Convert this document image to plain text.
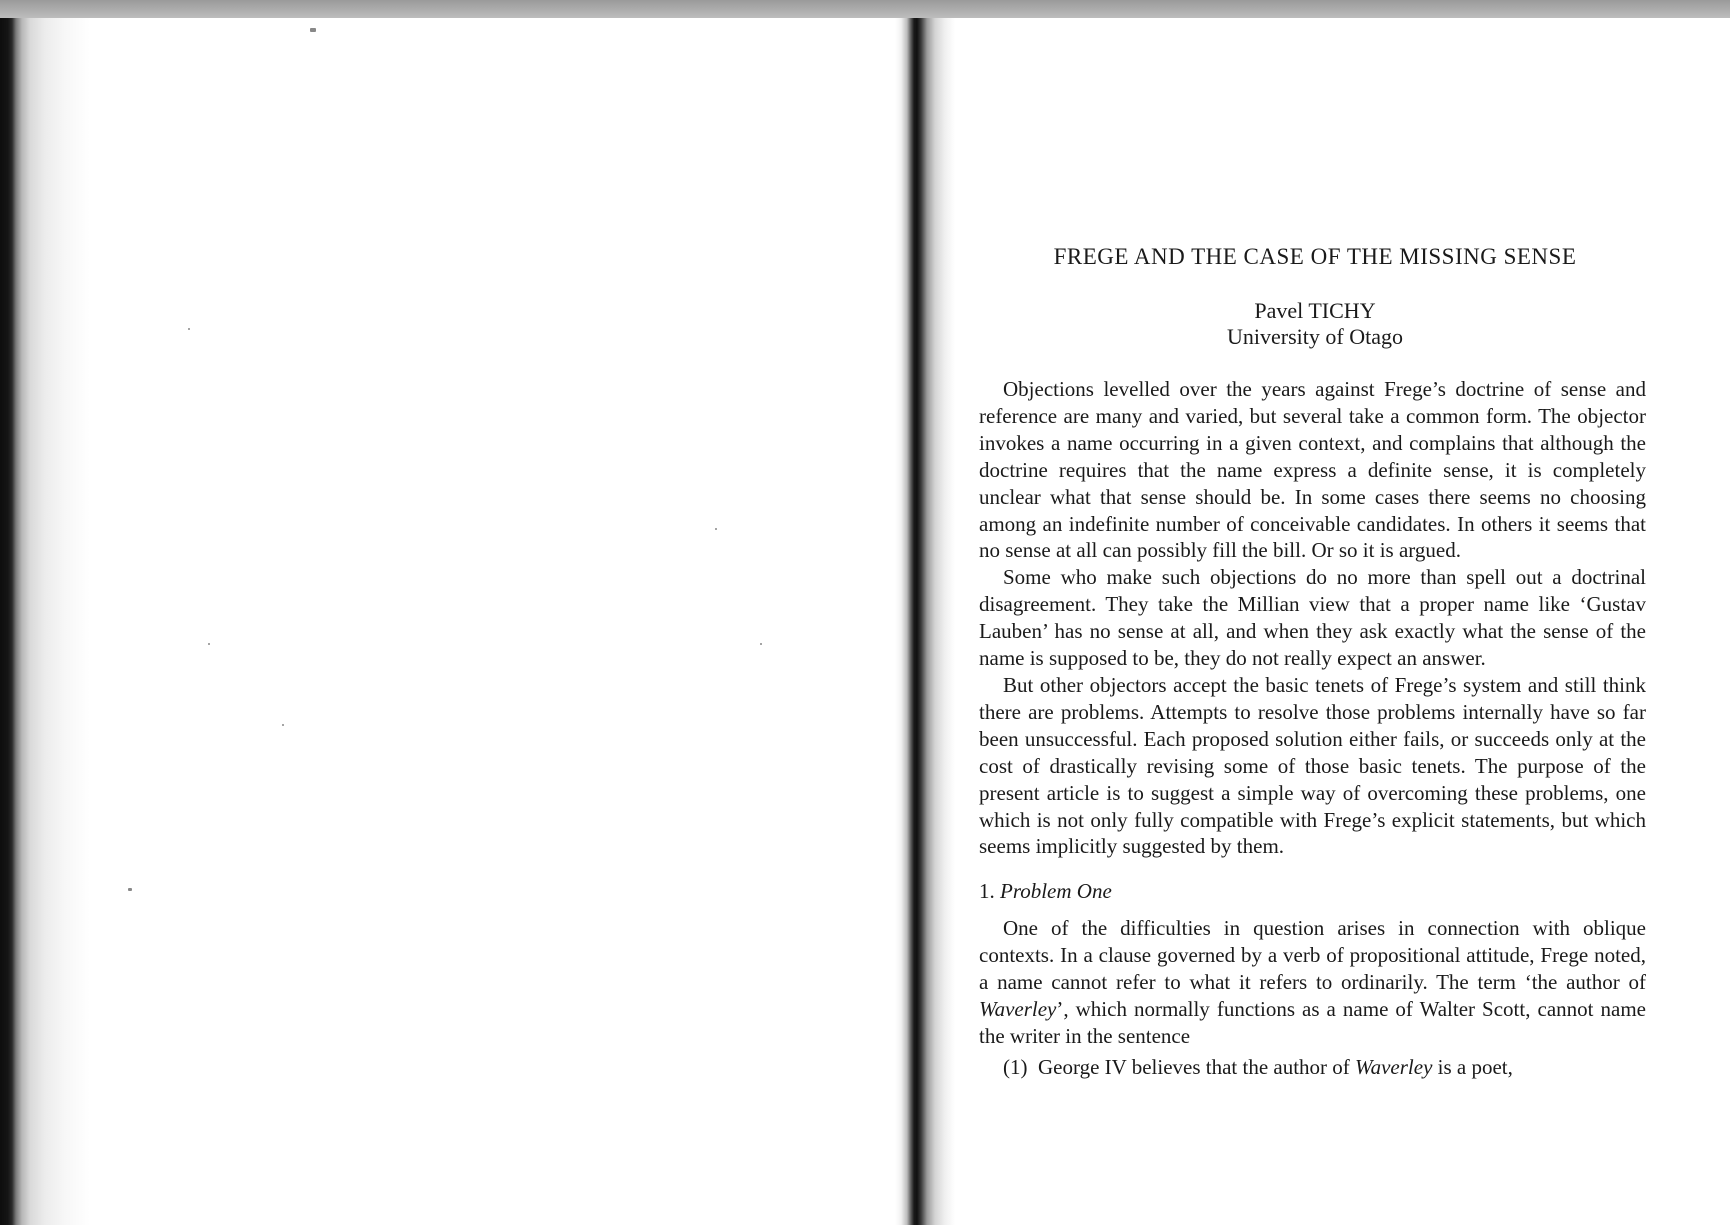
FREGE AND THE CASE OF THE MISSING SENSE
Pavel TICHY
University of Otago

Objections levelled over the years against Frege’s doctrine of sense and reference are many and varied, but several take a common form. The objector invokes a name occurring in a given context, and complains that although the doctrine requires that the name express a definite sense, it is completely unclear what that sense should be. In some cases there seems no choosing among an indefinite number of conceivable candidates. In others it seems that no sense at all can possibly fill the bill. Or so it is argued.

Some who make such objections do no more than spell out a doctrinal disagreement. They take the Millian view that a proper name like ‘Gustav Lauben’ has no sense at all, and when they ask exactly what the sense of the name is supposed to be, they do not really expect an answer.

But other objectors accept the basic tenets of Frege’s system and still think there are problems. Attempts to resolve those problems internally have so far been unsuccessful. Each proposed solution either fails, or succeeds only at the cost of drastically revising some of those basic tenets. The purpose of the present article is to suggest a simple way of overcoming these problems, one which is not only fully compatible with Frege’s explicit statements, but which seems implicitly suggested by them.

1. Problem One

One of the difficulties in question arises in connection with oblique contexts. In a clause governed by a verb of propositional attitude, Frege noted, a name cannot refer to what it refers to ordinarily. The term ‘the author of Waverley’, which normally functions as a name of Walter Scott, cannot name the writer in the sentence

(1) George IV believes that the author of Waverley is a poet,
